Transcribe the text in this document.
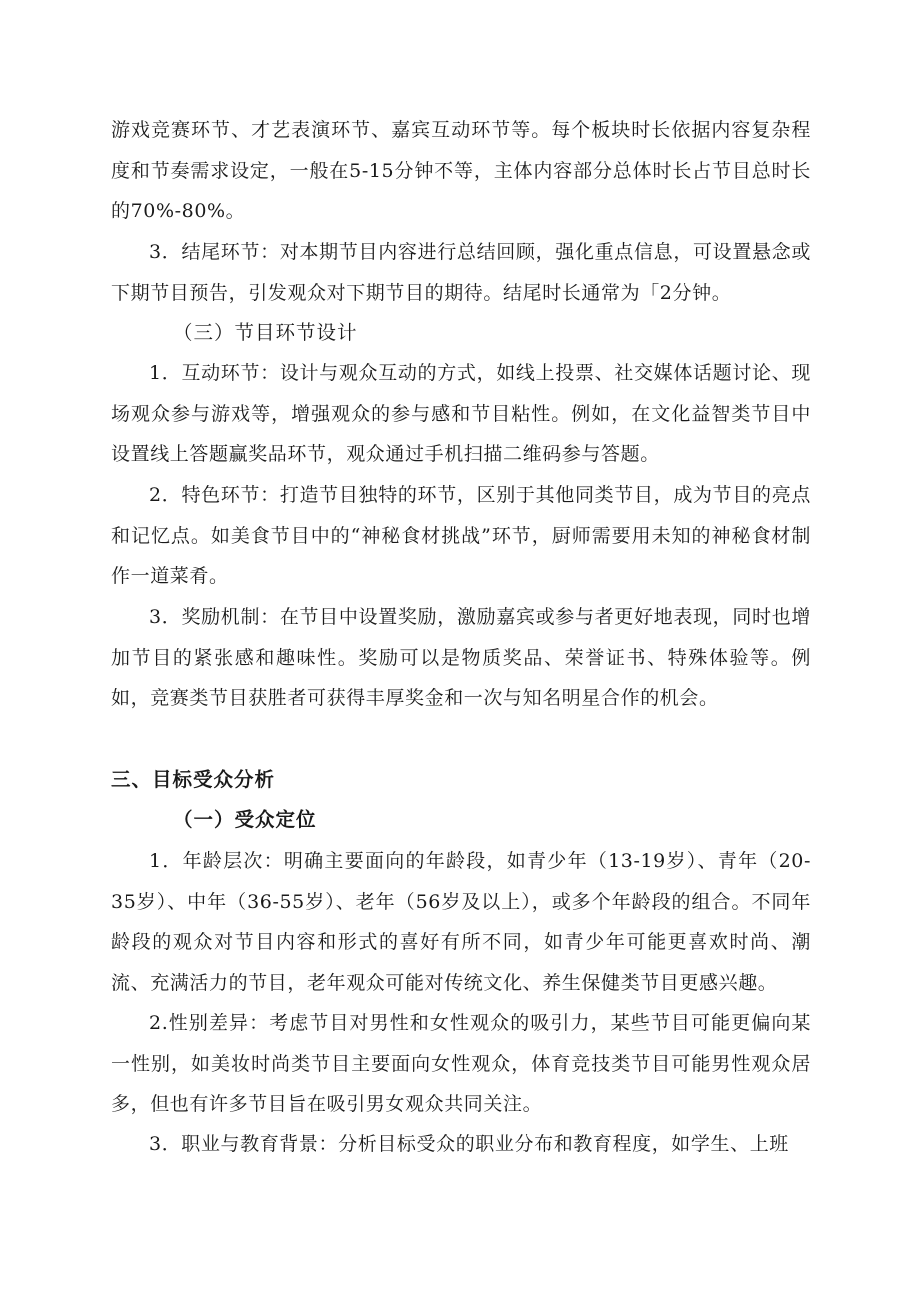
游戏竞赛环节、才艺表演环节、嘉宾互动环节等。每个板块时长依据内容复杂程度和节奏需求设定，一般在5-15分钟不等，主体内容部分总体时长占节目总时长的70%-80%。

3．结尾环节：对本期节目内容进行总结回顾，强化重点信息，可设置悬念或下期节目预告，引发观众对下期节目的期待。结尾时长通常为「2分钟。

（三）节目环节设计

1．互动环节：设计与观众互动的方式，如线上投票、社交媒体话题讨论、现场观众参与游戏等，增强观众的参与感和节目粘性。例如，在文化益智类节目中设置线上答题赢奖品环节，观众通过手机扫描二维码参与答题。

2．特色环节：打造节目独特的环节，区别于其他同类节目，成为节目的亮点和记忆点。如美食节目中的“神秘食材挑战”环节，厨师需要用未知的神秘食材制作一道菜肴。

3．奖励机制：在节目中设置奖励，激励嘉宾或参与者更好地表现，同时也增加节目的紧张感和趣味性。奖励可以是物质奖品、荣誉证书、特殊体验等。例如，竞赛类节目获胜者可获得丰厚奖金和一次与知名明星合作的机会。

三、目标受众分析

（一）受众定位

1．年龄层次：明确主要面向的年龄段，如青少年（13-19岁）、青年（20-35岁）、中年（36-55岁）、老年（56岁及以上），或多个年龄段的组合。不同年龄段的观众对节目内容和形式的喜好有所不同，如青少年可能更喜欢时尚、潮流、充满活力的节目，老年观众可能对传统文化、养生保健类节目更感兴趣。

2.性别差异：考虑节目对男性和女性观众的吸引力，某些节目可能更偏向某一性别，如美妆时尚类节目主要面向女性观众，体育竞技类节目可能男性观众居多，但也有许多节目旨在吸引男女观众共同关注。

3．职业与教育背景：分析目标受众的职业分布和教育程度，如学生、上班
